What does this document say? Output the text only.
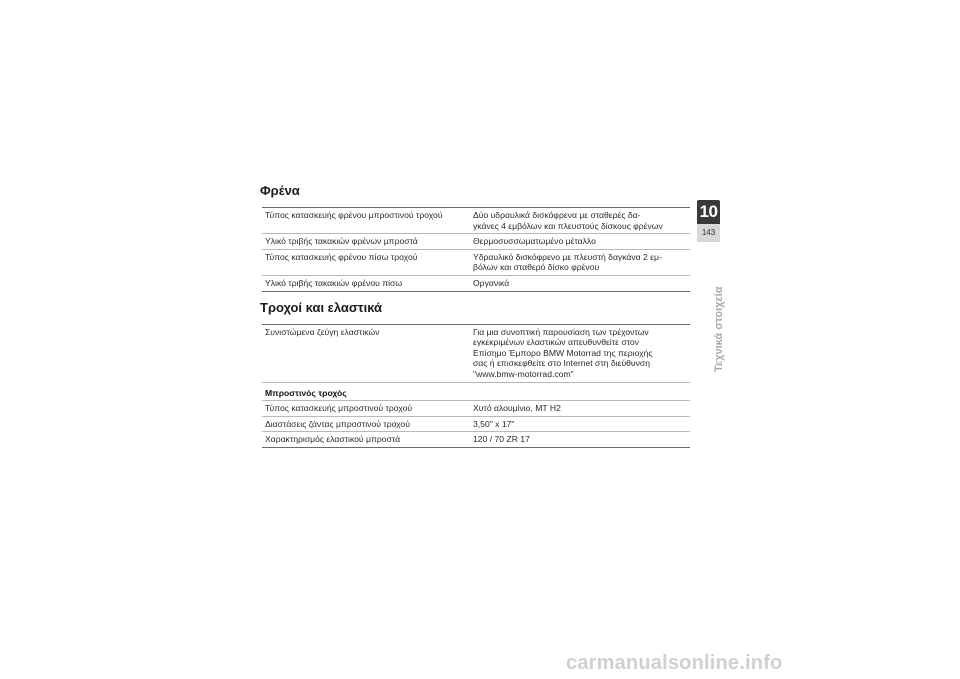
Φρένα
Τύπος κατασκευής φρένου μπροστινού τροχού	Δύο υδραυλικά δισκόφρενα με σταθερές δα-
γκάνες 4 εμβόλων και πλευστούς δίσκους φρένων
Υλικό τριβής τακακιών φρένων μπροστά	Θερμοσυσσωματωμένο μέταλλο
Τύπος κατασκευής φρένου πίσω τροχού	Υδραυλικό δισκόφρενο με πλευστή δαγκάνα 2 εμ-
βόλων και σταθερό δίσκο φρένου
Υλικό τριβής τακακιών φρένου πίσω	Οργανικά
Τροχοί και ελαστικά
Συνιστώμενα ζεύγη ελαστικών	Για μια συνοπτική παρουσίαση των τρέχοντων
εγκεκριμένων ελαστικών απευθυνθείτε στον
Επίσημο Έμπορο BMW Motorrad της περιοχής
σας ή επισκεφθείτε στο Internet στη διεύθυνση
"www.bmw-motorrad.com"
Μπροστινός τροχός	
Τύπος κατασκευής μπροστινού τροχού	Χυτό αλουμίνιο, MT H2
Διαστάσεις ζάντας μπροστινού τροχού	3,50" x 17"
Χαρακτηρισμός ελαστικού μπροστά	120 / 70 ZR 17
10
143
Τεχνικά στοιχεία
carmanualsonline.info
